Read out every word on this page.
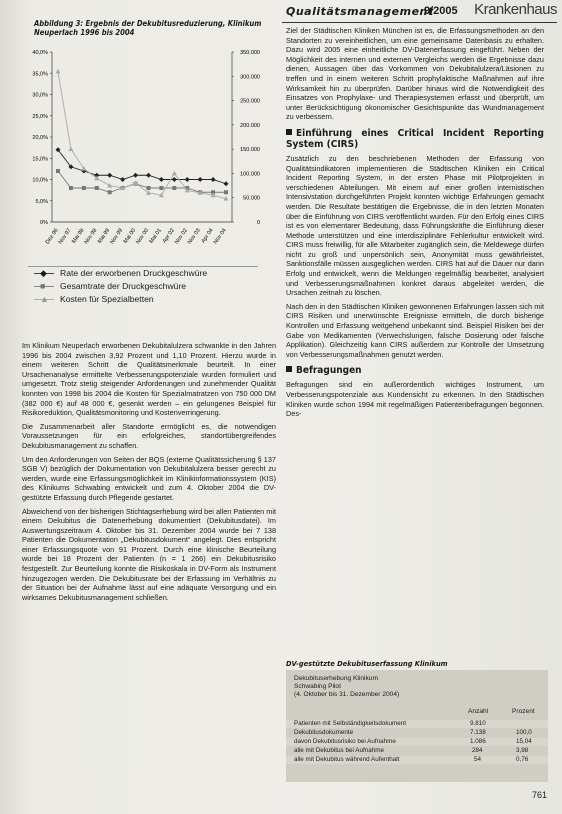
Qualitätsmanagement
9/2005 Krankenhaus
Abbildung 3: Ergebnis der Dekubitusreduzierung, Klinikum Neuperlach 1996 bis 2004
0%
5,0%
10,0%
15,0%
20,0%
25,0%
30,0%
35,0%
40,0%
0
50.000
100.000
150.000
200.000
250.000
300.000
350.000
Dez 96
Nov 97
Mai 98
Nov 98
Mai 99
Nov 99
Mai 00
Nov 00
Mai 01
Apr 02
Nov 02
Nov 03
Apr 04
Nov 04
◆ Rate der erworbenen Druckgeschwüre
■ Gesamtrate der Druckgeschwüre
▲ Kosten für Spezialbetten

Im Klinikum Neuperlach erworbenen Dekubitalulzera schwankte in den Jahren 1996 bis 2004 zwischen 3,92 Prozent und 1,10 Prozent. Hierzu wurde in einem weiteren Schritt die Qualitätsmerkmale beurteilt. In einer Ursachenanalyse ermittelte Verbesserungspotenziale wurden formuliert und umgesetzt. Trotz stetig steigender Anforderungen und zunehmender Qualität konnten von 1998 bis 2004 die Kosten für Spezialmatratzen von 750 000 DM (382 000 €) auf 48 000 €, gesenkt werden – ein gelungenes Beispiel für Risikoreduktion, Qualitätsmonitoring und Kostenverringerung.

Die Zusammenarbeit aller Standorte ermöglicht es, die notwendigen Voraussetzungen für ein erfolgreiches, standortübergreifendes Dekubitusmanagement zu schaffen.

Um den Anforderungen von Seiten der BQS (externe Qualitätssicherung § 137 SGB V) bezüglich der Dokumentation von Dekubitalulzera besser gerecht zu werden, wurde eine Erfassungsmöglichkeit im Klinikinformationssystem (KIS) des Klinikums Schwabing entwickelt und zum 4. Oktober 2004 die DV-gestützte Erfassung durch Pflegende gestartet.

Abweichend von der bisherigen Stichtagserhebung wird bei allen Patienten mit einem Dekubitus die Datenerhebung dokumentiert (Dekubitusdatei). Im Auswertungszeitraum 4. Oktober bis 31. Dezember 2004 wurde bei 7 138 Patienten die Dokumentation „Dekubitusdokument“ angelegt. Dies entspricht einer Erfassungsquote von 91 Prozent. Durch eine klinische Beurteilung wurde bei 18 Prozent der Patienten (n = 1 266) ein Dekubitusrisiko festgestellt. Zur Beurteilung konnte die Risikoskala in DV-Form als Instrument hinzugezogen werden. Die Dekubitusrate bei der Erfassung im Verhältnis zu der Situation bei der Aufnahme lässt auf eine adäquate Versorgung und ein wirksames Dekubitusmanagement schließen.

Ziel der Städtischen Kliniken München ist es, die Erfassungsmethoden an den Standorten zu vereinheitlichen, um eine gemeinsame Datenbasis zu erhalten. Dazu wird 2005 eine einheitliche DV-Datenerfassung eingeführt. Neben der Möglichkeit des internen und externen Vergleichs werden die Ergebnisse dazu dienen, Aussagen über das Vorkommen von Dekubitalulzera/Läsionen zu treffen und in einem weiteren Schritt prophylaktische Maßnahmen auf ihre Wirksamkeit hin zu überprüfen. Darüber hinaus wird die Notwendigkeit des Einsatzes von Prophylaxe- und Therapiesystemen erfasst und überprüft, um unter Berücksichtigung ökonomischer Gesichtspunkte das Wundmanagement zu verbessern.

Einführung eines Critical Incident Reporting System (CIRS)

Zusätzlich zu den beschriebenen Methoden der Erfassung von Qualitätsindikatoren implementieren die Städtischen Kliniken ein Critical Incident Reporting System, in der ersten Phase mit Pilotprojekten in verschiedenen Abteilungen. Mit einem auf einer großen internistischen Intensivstation durchgeführten Projekt konnten wichtige Erfahrungen gemacht werden. Die Resultate bestätigen die Ergebnisse, die in den letzten Monaten über die Einführung von CIRS veröffentlicht wurden. Für den Erfolg eines CIRS ist es von elementarer Bedeutung, dass Führungskräfte die Einführung dieser Methode unterstützen und eine interdisziplinäre Fehlerkultur entwickelt wird. CIRS muss freiwillig, für alle Mitarbeiter zugänglich sein, die Meldewege dürfen nicht zu groß und unpersönlich sein, Anonymität muss gewährleistet, Sanktionsfälle müssen ausgeglichen werden. CIRS hat auf die Dauer nur dann Erfolg und entwickelt, wenn die Meldungen regelmäßig bearbeitet, analysiert und Verbesserungsmaßnahmen konkret daraus abgeleitet werden, die Ursachen zeitnah zu löschen.

Nach den in den Städtischen Kliniken gewonnenen Erfahrungen lassen sich mit CIRS Risiken und unerwünschte Ereignisse ermitteln, die durch bisherige Kontrollen und Erfassung weitgehend unbekannt sind. Beispiel Risiken bei der Gabe von Medikamenten (Verwechslungen, falsche Dosierung oder falsche Applikation). Gleichzeitig kann CIRS außerdem zur Kontrolle der Umsetzung von Verbesserungsmaßnahmen genutzt werden.

Befragungen

Befragungen sind ein außerordentlich wichtiges Instrument, um Verbesserungspotenziale aus Kundensicht zu erkennen. In den Städtischen Kliniken wurde schon 1994 mit regelmäßigen Patientenbefragungen begonnen. Des-

DV-gestützte Dekubituserfassung Klinikum
Dekubituserhebung Klinikum
Schwabing Pilot
(4. Oktober bis 31. Dezember 2004)
Anzahl	Prozent
Patienten mit Selbständigkeitsdokument	9.810
Dekubitusdokumente	7.138	100,0
davon Dekubitusrisiko bei Aufnahme	1.086	15,04
alle mit Dekubitus bei Aufnahme	284	3,98
alle mit Dekubitus während Aufenthalt	54	0,76
761
